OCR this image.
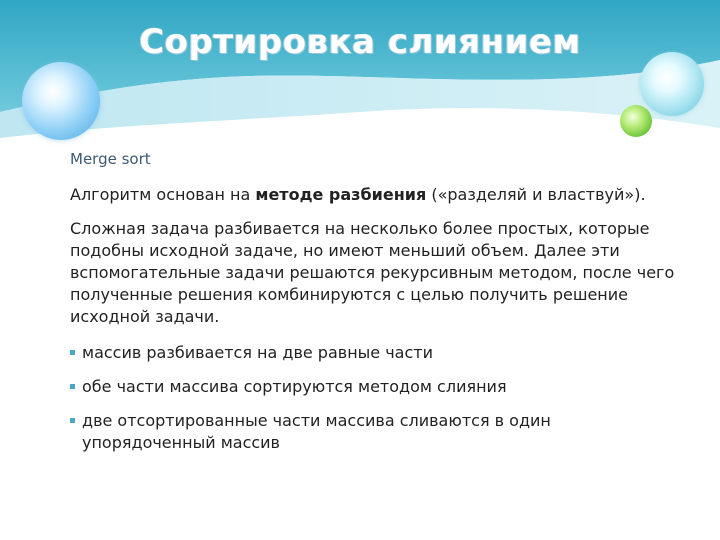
Сортировка слиянием

Merge sort

Алгоритм основан на методе разбиения («разделяй и властвуй»).

Сложная задача разбивается на несколько более простых, которые подобны исходной задаче, но имеют меньший объем. Далее эти вспомогательные задачи решаются рекурсивным методом, после чего полученные решения комбинируются с целью получить решение исходной задачи.

массив разбивается на две равные части
обе части массива сортируются методом слияния
две отсортированные части массива сливаются в один упорядоченный массив
